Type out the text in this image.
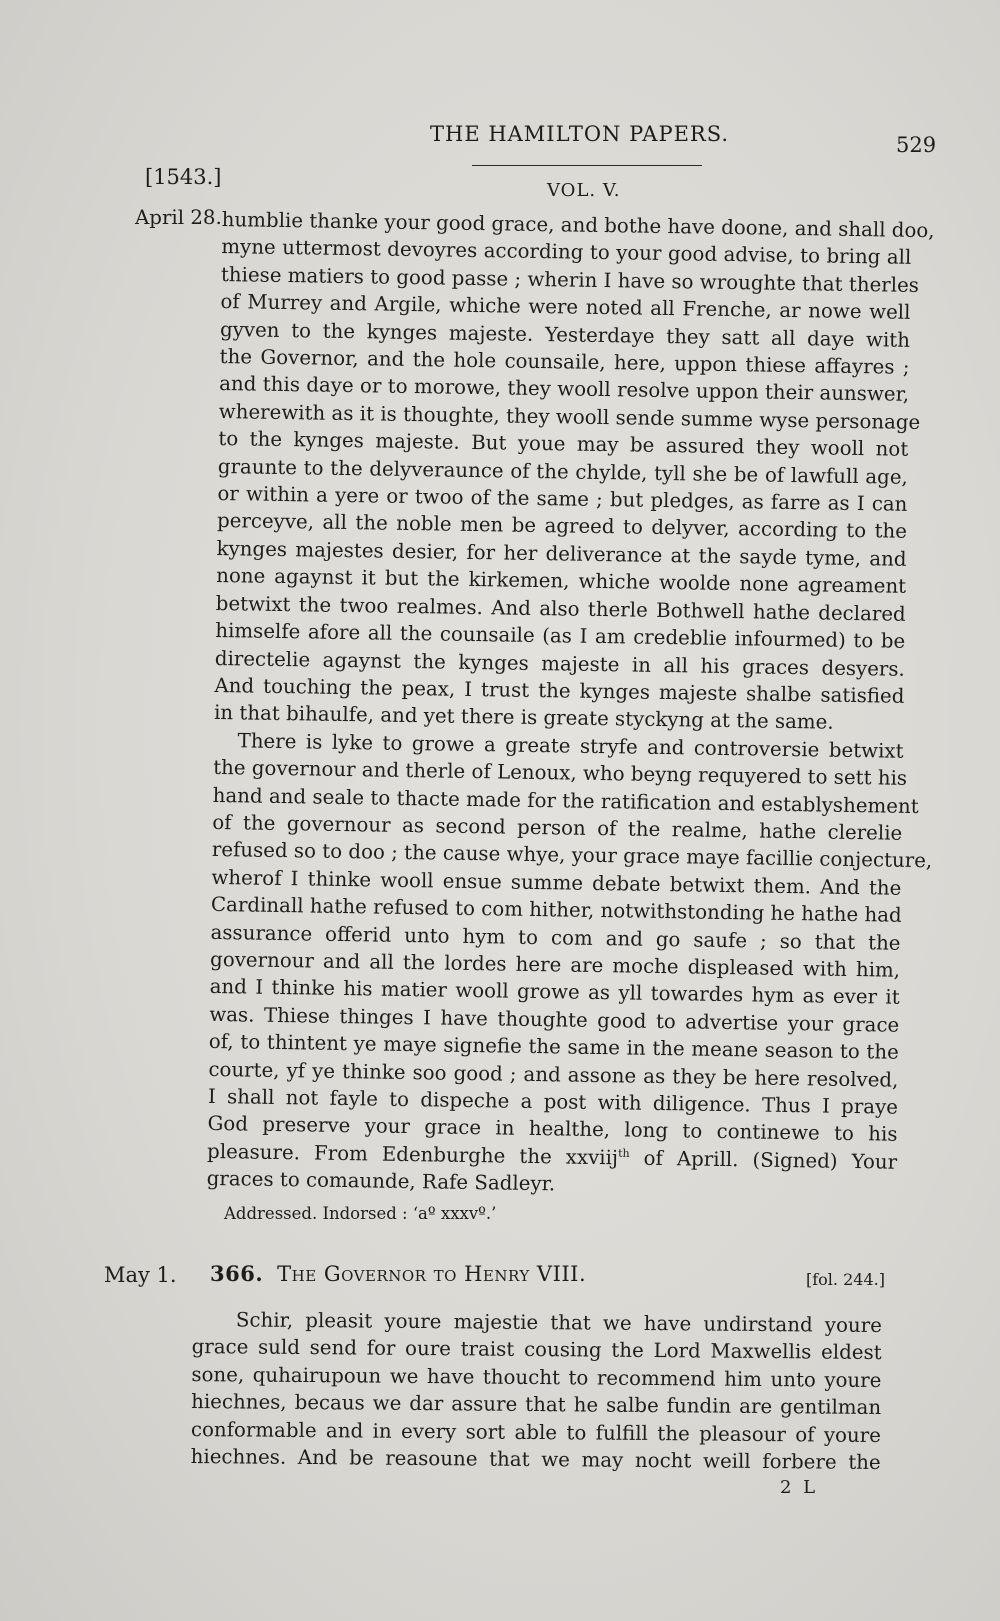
THE HAMILTON PAPERS.	529
[1543.]
VOL. V.
April 28. humblie thanke your good grace, and bothe have doone, and shall doo,
myne uttermost devoyres according to your good advise, to bring all
thiese matiers to good passe ; wherin I have so wroughte that therles
of Murrey and Argile, whiche were noted all Frenche, ar nowe well
gyven to the kynges majeste. Yesterdaye they satt all daye with
the Governor, and the hole counsaile, here, uppon thiese affayres ;
and this daye or to morowe, they wooll resolve uppon their aunswer,
wherewith as it is thoughte, they wooll sende summe wyse personage
to the kynges majeste. But youe may be assured they wooll not
graunte to the delyveraunce of the chylde, tyll she be of lawfull age,
or within a yere or twoo of the same ; but pledges, as farre as I can
perceyve, all the noble men be agreed to delyver, according to the
kynges majestes desier, for her deliverance at the sayde tyme, and
none agaynst it but the kirkemen, whiche woolde none agreament
betwixt the twoo realmes. And also therle Bothwell hathe declared
himselfe afore all the counsaile (as I am credeblie infourmed) to be
directelie agaynst the kynges majeste in all his graces desyers.
And touching the peax, I trust the kynges majeste shalbe satisfied
in that bihaulfe, and yet there is greate styckyng at the same.
There is lyke to growe a greate stryfe and controversie betwixt
the governour and therle of Lenoux, who beyng requyered to sett his
hand and seale to thacte made for the ratification and establyshement
of the governour as second person of the realme, hathe clerelie
refused so to doo ; the cause whye, your grace maye facillie conjecture,
wherof I thinke wooll ensue summe debate betwixt them. And the
Cardinall hathe refused to com hither, notwithstonding he hathe had
assurance offerid unto hym to com and go saufe ; so that the
governour and all the lordes here are moche displeased with him,
and I thinke his matier wooll growe as yll towardes hym as ever it
was. Thiese thinges I have thoughte good to advertise your grace
of, to thintent ye maye signefie the same in the meane season to the
courte, yf ye thinke soo good ; and assone as they be here resolved,
I shall not fayle to dispeche a post with diligence. Thus I praye
God preserve your grace in healthe, long to continewe to his
pleasure. From Edenburghe the xxviij$^{th}$ of Aprill. (Signed) Your
graces to comaunde, Rafe Sadleyr.
Addressed. Indorsed : ‘aº xxxvº.’
May 1. 366. The Governor to Henry VIII.	[fol. 244.]
Schir, pleasit youre majestie that we have undirstand youre
grace suld send for oure traist cousing the Lord Maxwellis eldest
sone, quhairupoun we have thoucht to recommend him unto youre
hiechnes, becaus we dar assure that he salbe fundin are gentilman
conformable and in every sort able to fulfill the pleasour of youre
hiechnes. And be reasoune that we may nocht weill forbere the
2 L
